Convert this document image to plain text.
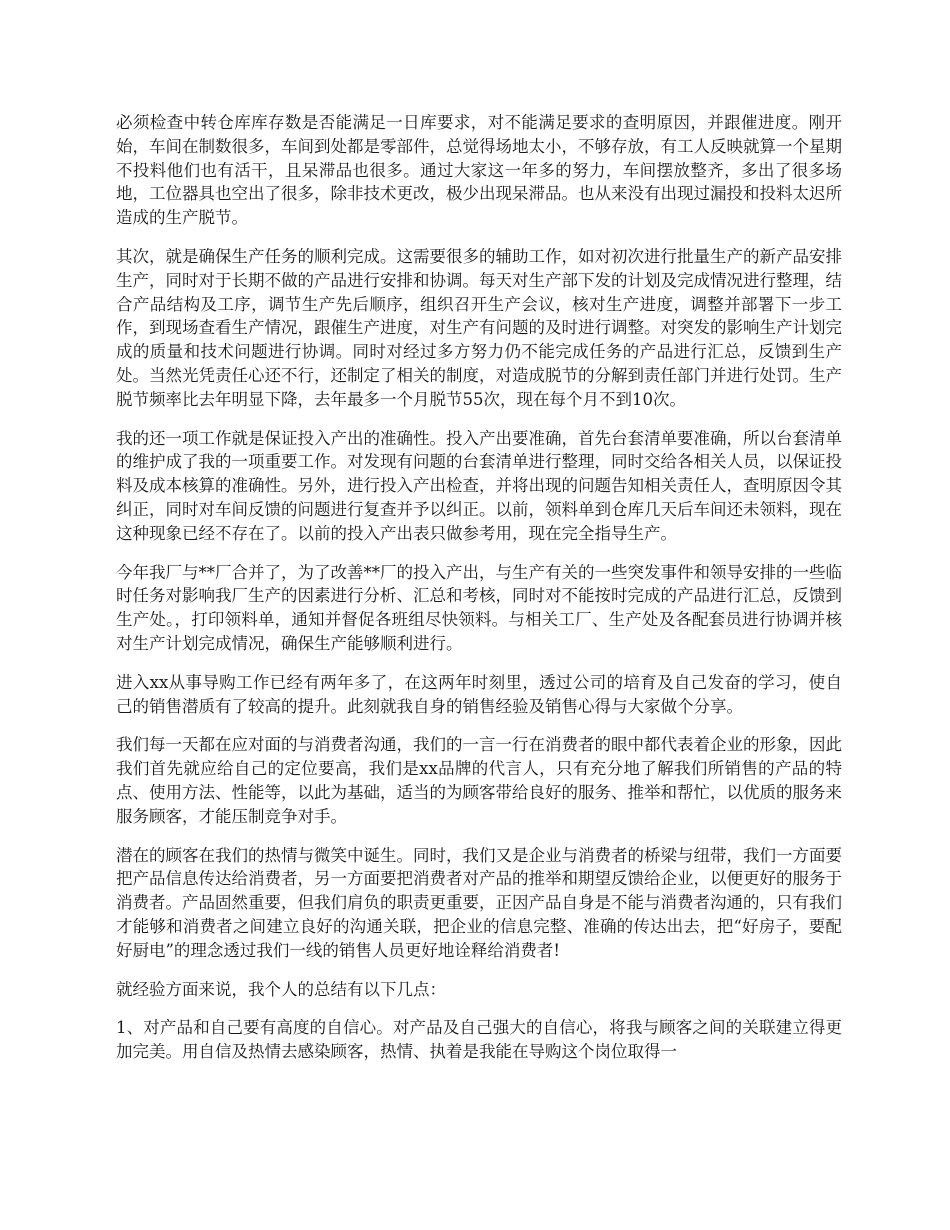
必须检查中转仓库库存数是否能满足一日库要求，对不能满足要求的查明原因，并跟催进度。刚开始，车间在制数很多，车间到处都是零部件，总觉得场地太小，不够存放，有工人反映就算一个星期不投料他们也有活干，且呆滞品也很多。通过大家这一年多的努力，车间摆放整齐，多出了很多场地，工位器具也空出了很多，除非技术更改，极少出现呆滞品。也从来没有出现过漏投和投料太迟所造成的生产脱节。

其次，就是确保生产任务的顺利完成。这需要很多的辅助工作，如对初次进行批量生产的新产品安排生产，同时对于长期不做的产品进行安排和协调。每天对生产部下发的计划及完成情况进行整理，结合产品结构及工序，调节生产先后顺序，组织召开生产会议，核对生产进度，调整并部署下一步工作，到现场查看生产情况，跟催生产进度，对生产有问题的及时进行调整。对突发的影响生产计划完成的质量和技术问题进行协调。同时对经过多方努力仍不能完成任务的产品进行汇总，反馈到生产处。当然光凭责任心还不行，还制定了相关的制度，对造成脱节的分解到责任部门并进行处罚。生产脱节频率比去年明显下降，去年最多一个月脱节55次，现在每个月不到10次。

我的还一项工作就是保证投入产出的准确性。投入产出要准确，首先台套清单要准确，所以台套清单的维护成了我的一项重要工作。对发现有问题的台套清单进行整理，同时交给各相关人员，以保证投料及成本核算的准确性。另外，进行投入产出检查，并将出现的问题告知相关责任人，查明原因令其纠正，同时对车间反馈的问题进行复查并予以纠正。以前，领料单到仓库几天后车间还未领料，现在这种现象已经不存在了。以前的投入产出表只做参考用，现在完全指导生产。

今年我厂与**厂合并了，为了改善**厂的投入产出，与生产有关的一些突发事件和领导安排的一些临时任务对影响我厂生产的因素进行分析、汇总和考核，同时对不能按时完成的产品进行汇总，反馈到生产处。，打印领料单，通知并督促各班组尽快领料。与相关工厂、生产处及各配套员进行协调并核对生产计划完成情况，确保生产能够顺利进行。

进入xx从事导购工作已经有两年多了，在这两年时刻里，透过公司的培育及自己发奋的学习，使自己的销售潜质有了较高的提升。此刻就我自身的销售经验及销售心得与大家做个分享。

我们每一天都在应对面的与消费者沟通，我们的一言一行在消费者的眼中都代表着企业的形象，因此我们首先就应给自己的定位要高，我们是xx品牌的代言人，只有充分地了解我们所销售的产品的特点、使用方法、性能等，以此为基础，适当的为顾客带给良好的服务、推举和帮忙，以优质的服务来服务顾客，才能压制竞争对手。

潜在的顾客在我们的热情与微笑中诞生。同时，我们又是企业与消费者的桥梁与纽带，我们一方面要把产品信息传达给消费者，另一方面要把消费者对产品的推举和期望反馈给企业，以便更好的服务于消费者。产品固然重要，但我们肩负的职责更重要，正因产品自身是不能与消费者沟通的，只有我们才能够和消费者之间建立良好的沟通关联，把企业的信息完整、准确的传达出去，把“好房子，要配好厨电”的理念透过我们一线的销售人员更好地诠释给消费者!

就经验方面来说，我个人的总结有以下几点：

1、对产品和自己要有高度的自信心。对产品及自己强大的自信心，将我与顾客之间的关联建立得更加完美。用自信及热情去感染顾客，热情、执着是我能在导购这个岗位取得一
